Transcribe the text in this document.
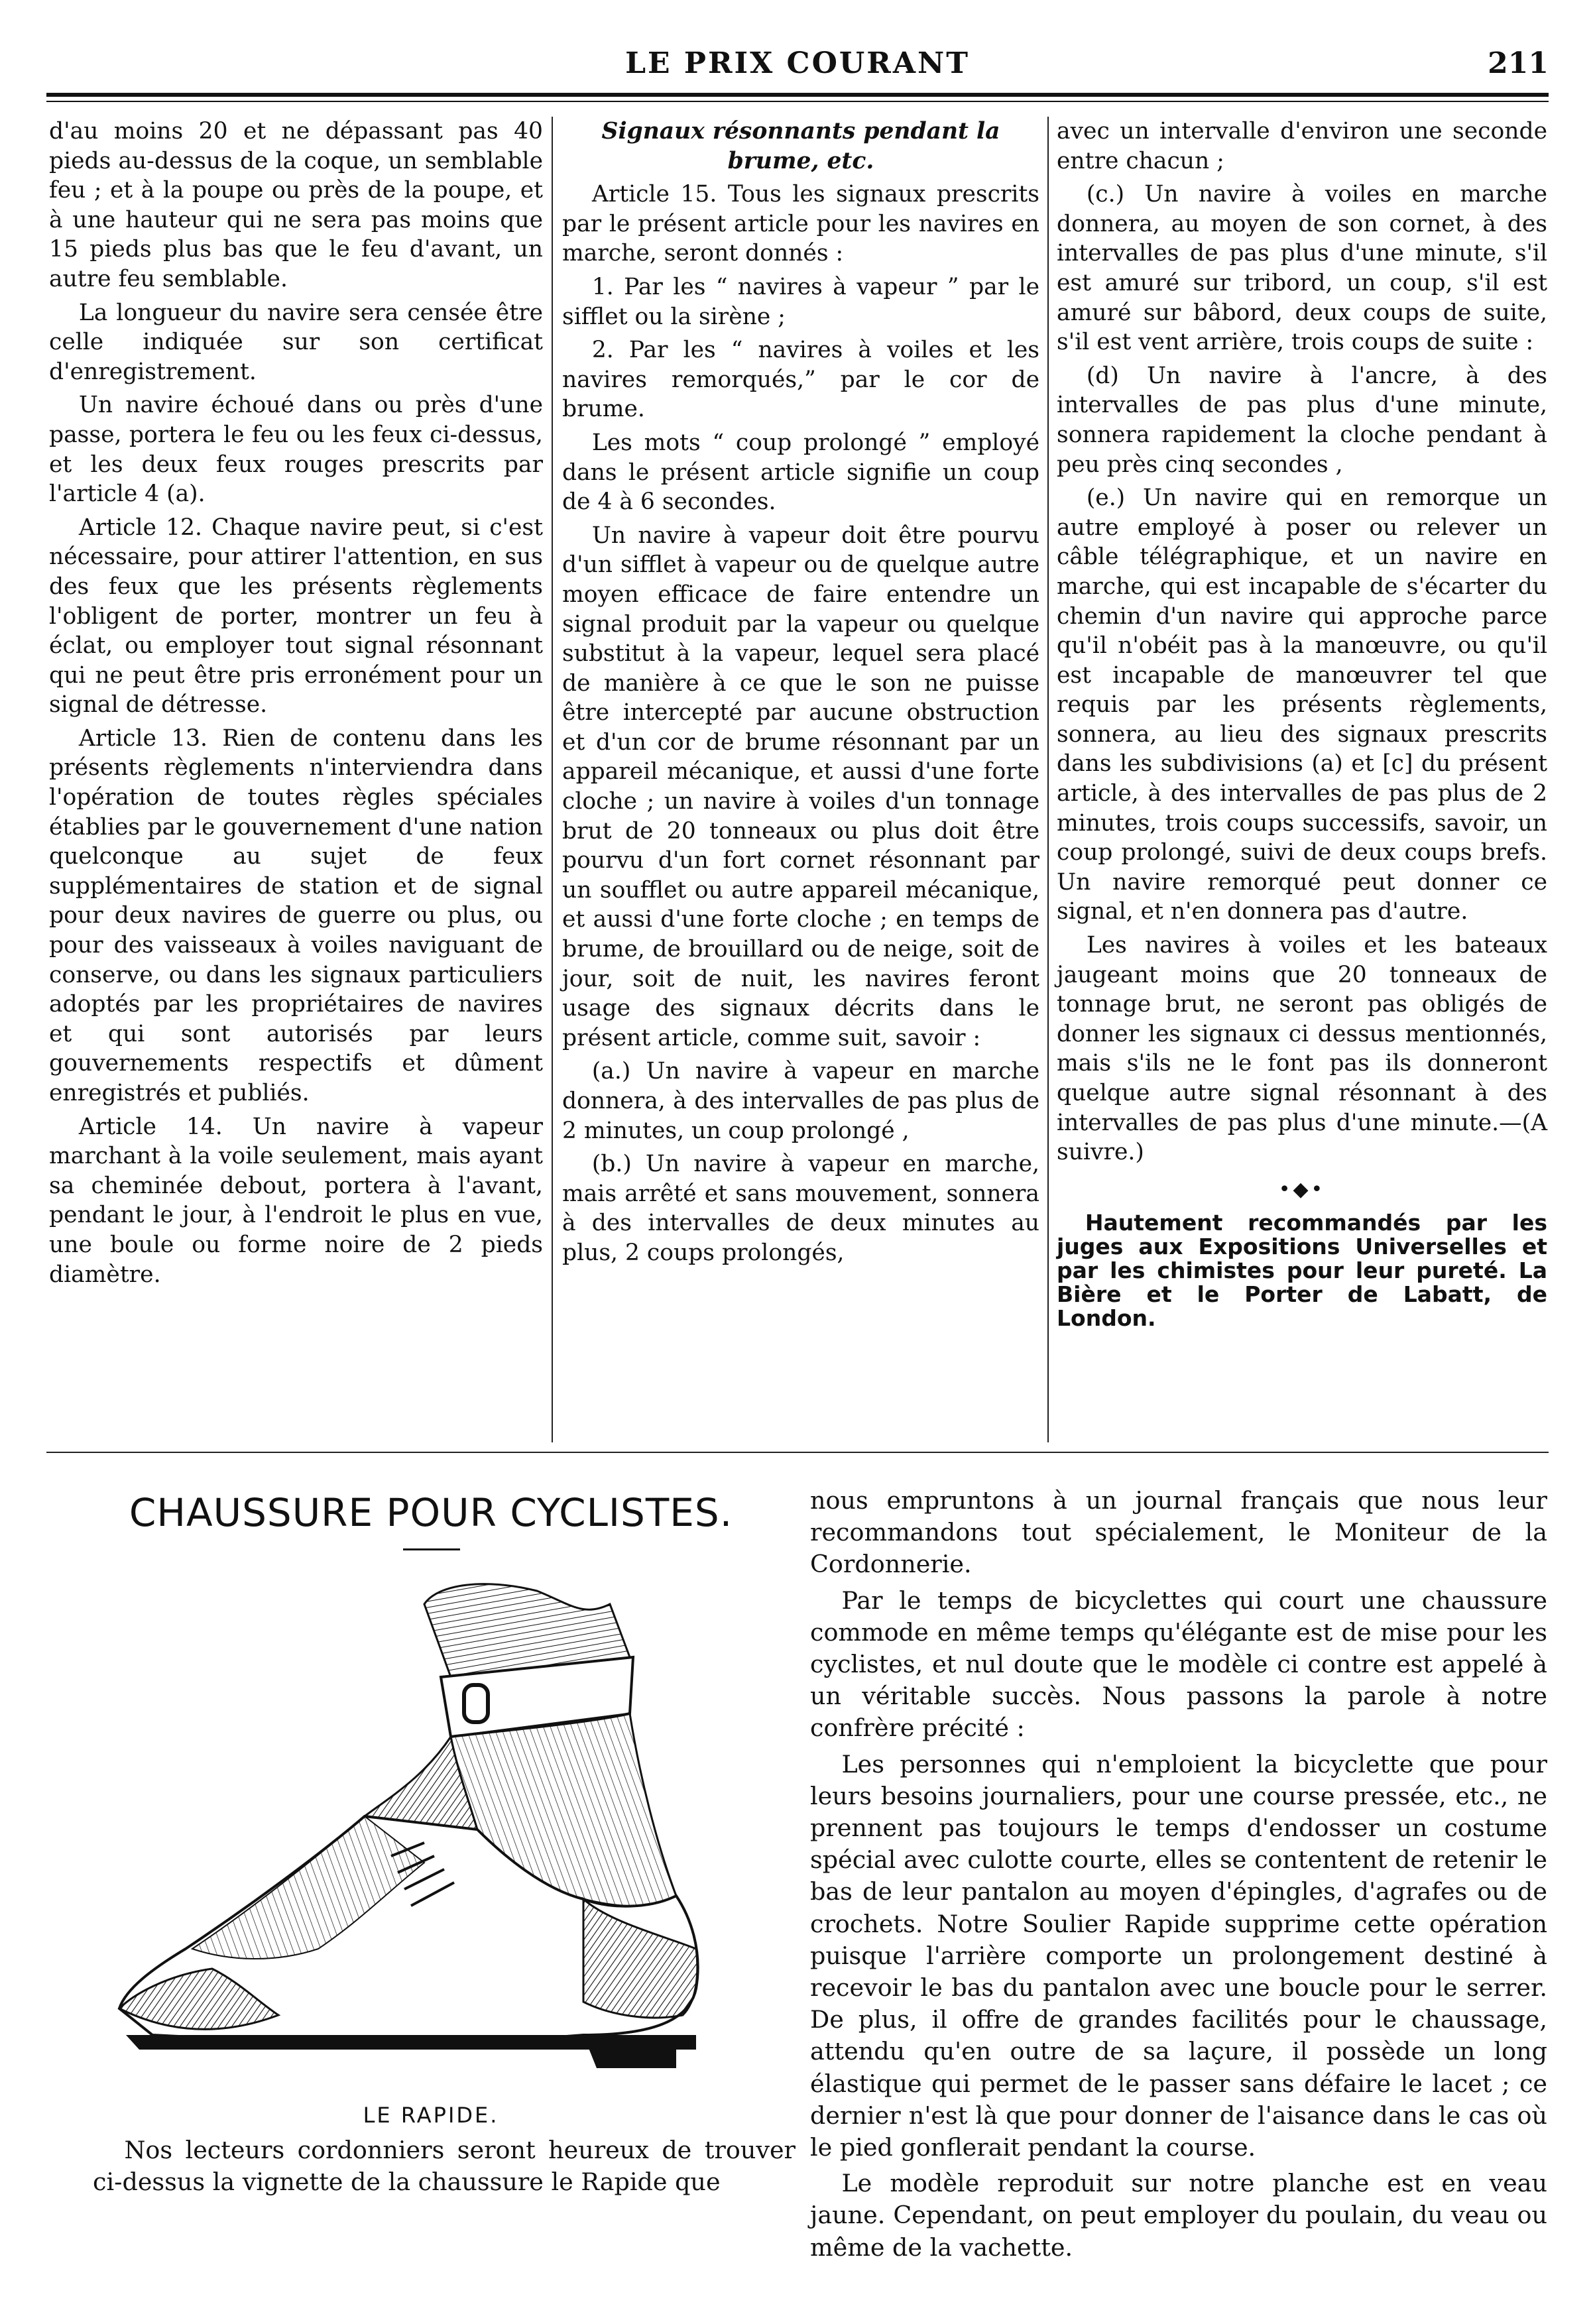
LE PRIX COURANT	211

d'au moins 20 et ne dépassant pas 40 pieds au-dessus de la coque, un semblable feu ; et à la poupe ou près de la poupe, et à une hauteur qui ne sera pas moins que 15 pieds plus bas que le feu d'avant, un autre feu semblable.

La longueur du navire sera censée être celle indiquée sur son certificat d'enregistrement.

Un navire échoué dans ou près d'une passe, portera le feu ou les feux ci-dessus, et les deux feux rouges prescrits par l'article 4 (a).

Article 12. Chaque navire peut, si c'est nécessaire, pour attirer l'attention, en sus des feux que les présents règlements l'obligent de porter, montrer un feu à éclat, ou employer tout signal résonnant qui ne peut être pris erronément pour un signal de détresse.

Article 13. Rien de contenu dans les présents règlements n'interviendra dans l'opération de toutes règles spéciales établies par le gouvernement d'une nation quelconque au sujet de feux supplémentaires de station et de signal pour deux navires de guerre ou plus, ou pour des vaisseaux à voiles naviguant de conserve, ou dans les signaux particuliers adoptés par les propriétaires de navires et qui sont autorisés par leurs gouvernements respectifs et dûment enregistrés et publiés.

Article 14. Un navire à vapeur marchant à la voile seulement, mais ayant sa cheminée debout, portera à l'avant, pendant le jour, à l'endroit le plus en vue, une boule ou forme noire de 2 pieds diamètre.

Signaux résonnants pendant la brume, etc.

Article 15. Tous les signaux prescrits par le présent article pour les navires en marche, seront donnés :

1. Par les “ navires à vapeur ” par le sifflet ou la sirène ;

2. Par les “ navires à voiles et les navires remorqués,” par le cor de brume.

Les mots “ coup prolongé ” employé dans le présent article signifie un coup de 4 à 6 secondes.

Un navire à vapeur doit être pourvu d'un sifflet à vapeur ou de quelque autre moyen efficace de faire entendre un signal produit par la vapeur ou quelque substitut à la vapeur, lequel sera placé de manière à ce que le son ne puisse être intercepté par aucune obstruction et d'un cor de brume résonnant par un appareil mécanique, et aussi d'une forte cloche ; un navire à voiles d'un tonnage brut de 20 tonneaux ou plus doit être pourvu d'un fort cornet résonnant par un soufflet ou autre appareil mécanique, et aussi d'une forte cloche ; en temps de brume, de brouillard ou de neige, soit de jour, soit de nuit, les navires feront usage des signaux décrits dans le présent article, comme suit, savoir :

(a.) Un navire à vapeur en marche donnera, à des intervalles de pas plus de 2 minutes, un coup prolongé ,

(b.) Un navire à vapeur en marche, mais arrêté et sans mouvement, sonnera à des intervalles de deux minutes au plus, 2 coups prolongés,

avec un intervalle d'environ une seconde entre chacun ;

(c.) Un navire à voiles en marche donnera, au moyen de son cornet, à des intervalles de pas plus d'une minute, s'il est amuré sur tribord, un coup, s'il est amuré sur bâbord, deux coups de suite, s'il est vent arrière, trois coups de suite :

(d) Un navire à l'ancre, à des intervalles de pas plus d'une minute, sonnera rapidement la cloche pendant à peu près cinq secondes ,

(e.) Un navire qui en remorque un autre employé à poser ou relever un câble télégraphique, et un navire en marche, qui est incapable de s'écarter du chemin d'un navire qui approche parce qu'il n'obéit pas à la manœuvre, ou qu'il est incapable de manœuvrer tel que requis par les présents règlements, sonnera, au lieu des signaux prescrits dans les subdivisions (a) et [c] du présent article, à des intervalles de pas plus de 2 minutes, trois coups successifs, savoir, un coup prolongé, suivi de deux coups brefs. Un navire remorqué peut donner ce signal, et n'en donnera pas d'autre.

Les navires à voiles et les bateaux jaugeant moins que 20 tonneaux de tonnage brut, ne seront pas obligés de donner les signaux ci dessus mentionnés, mais s'ils ne le font pas ils donneront quelque autre signal résonnant à des intervalles de pas plus d'une minute.—(A suivre.)

•◆•

Hautement recommandés par les juges aux Expositions Universelles et par les chimistes pour leur pureté. La Bière et le Porter de Labatt, de London.

CHAUSSURE POUR CYCLISTES.
LE RAPIDE.

Nos lecteurs cordonniers seront heureux de trouver ci-dessus la vignette de la chaussure le Rapide que

nous empruntons à un journal français que nous leur recommandons tout spécialement, le Moniteur de la Cordonnerie.

Par le temps de bicyclettes qui court une chaussure commode en même temps qu'élégante est de mise pour les cyclistes, et nul doute que le modèle ci contre est appelé à un véritable succès. Nous passons la parole à notre confrère précité :

Les personnes qui n'emploient la bicyclette que pour leurs besoins journaliers, pour une course pressée, etc., ne prennent pas toujours le temps d'endosser un costume spécial avec culotte courte, elles se contentent de retenir le bas de leur pantalon au moyen d'épingles, d'agrafes ou de crochets. Notre Soulier Rapide supprime cette opération puisque l'arrière comporte un prolongement destiné à recevoir le bas du pantalon avec une boucle pour le serrer. De plus, il offre de grandes facilités pour le chaussage, attendu qu'en outre de sa laçure, il possède un long élastique qui permet de le passer sans défaire le lacet ; ce dernier n'est là que pour donner de l'aisance dans le cas où le pied gonflerait pendant la course.

Le modèle reproduit sur notre planche est en veau jaune. Cependant, on peut employer du poulain, du veau ou même de la vachette.
